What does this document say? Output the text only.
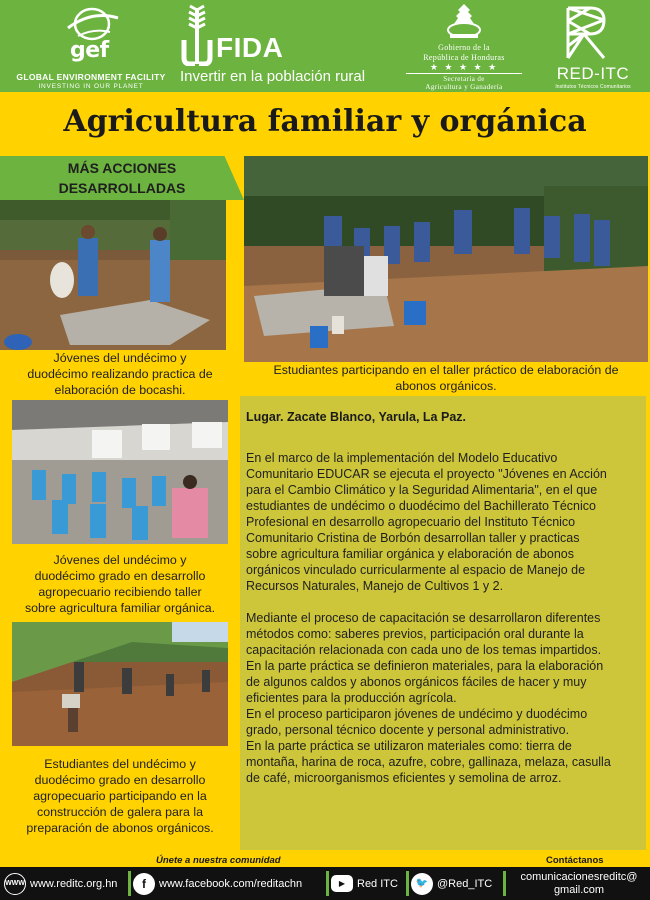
gef
GLOBAL ENVIRONMENT FACILITY
INVESTING IN OUR PLANET
FIDA
Invertir en la población rural
Gobierno de la
República de Honduras
★ ★ ★ ★ ★
Secretaría de
Agricultura y Ganadería
RED-ITC
Institutos Técnicos Comunitarios
Agricultura familiar y orgánica
MÁS ACCIONES
DESARROLLADAS
Jóvenes del undécimo y
duodécimo realizando practica de
elaboración de bocashi.
Estudiantes participando en el taller práctico de elaboración de
abonos orgánicos.
Jóvenes del undécimo y
duodécimo grado en desarrollo
agropecuario recibiendo taller
sobre agricultura familiar orgánica.
Estudiantes del undécimo y
duodécimo grado en desarrollo
agropecuario participando en la
construcción de galera para la
preparación de abonos orgánicos.
Lugar. Zacate Blanco, Yarula, La Paz.

En el marco de la implementación del Modelo Educativo
Comunitario EDUCAR se ejecuta el proyecto "Jóvenes en Acción
para el Cambio Climático y la Seguridad Alimentaria", en el que
estudiantes de undécimo o duodécimo del Bachillerato Técnico
Profesional en desarrollo agropecuario del Instituto Técnico
Comunitario Cristina de Borbón desarrollan taller y practicas
sobre agricultura familiar orgánica y elaboración de abonos
orgánicos vinculado curricularmente al espacio de Manejo de
Recursos Naturales, Manejo de Cultivos 1 y 2.

Mediante el proceso de capacitación se desarrollaron diferentes
métodos como: saberes previos, participación oral durante la
capacitación relacionada con cada uno de los temas impartidos.
En la parte práctica se definieron materiales, para la elaboración
de algunos caldos y abonos orgánicos fáciles de hacer y muy
eficientes para la producción agrícola.
En el proceso participaron jóvenes de undécimo y duodécimo
grado, personal técnico docente y personal administrativo.
En la parte práctica se utilizaron materiales como: tierra de
montaña, harina de roca, azufre, cobre, gallinaza, melaza, casulla
de café, microorganismos eficientes y semolina de arroz.

Únete a nuestra comunidad	Contáctanos
WWW www.reditc.org.hn	f	www.facebook.com/reditachn	▶	Red ITC	🐦 @Red_ITC
comunicacionesreditc@
gmail.com
